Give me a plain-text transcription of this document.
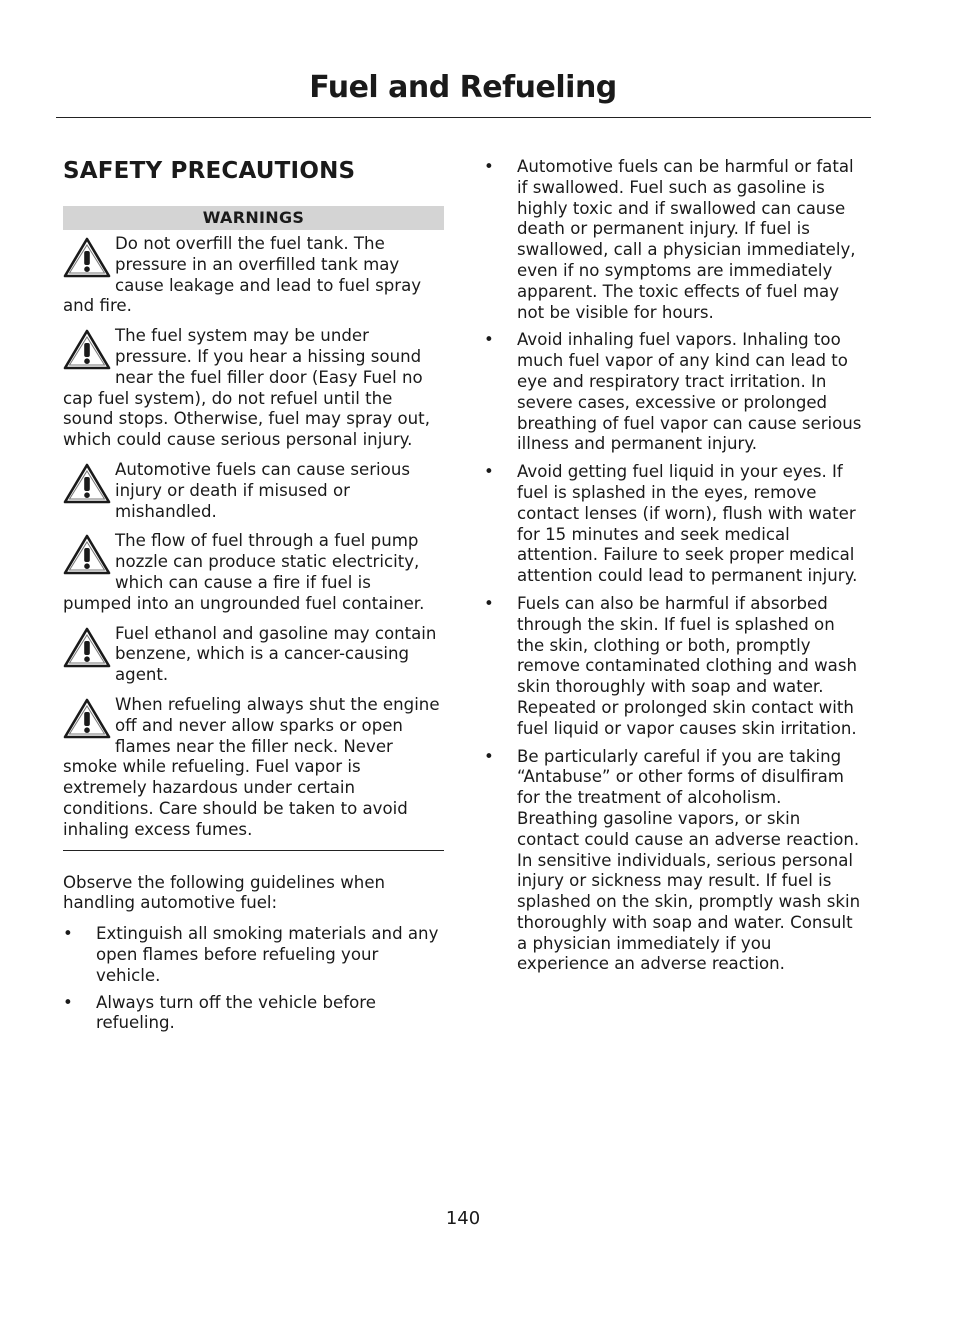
Fuel and Refueling
SAFETY PRECAUTIONS
WARNINGS
Do not overfill the fuel tank. The pressure in an overfilled tank may cause leakage and lead to fuel spray and fire.
The fuel system may be under pressure. If you hear a hissing sound near the fuel filler door (Easy Fuel no cap fuel system), do not refuel until the sound stops. Otherwise, fuel may spray out, which could cause serious personal injury.
Automotive fuels can cause serious injury or death if misused or mishandled.
The flow of fuel through a fuel pump nozzle can produce static electricity, which can cause a fire if fuel is pumped into an ungrounded fuel container.
Fuel ethanol and gasoline may contain benzene, which is a cancer-causing agent.
When refueling always shut the engine off and never allow sparks or open flames near the filler neck. Never smoke while refueling. Fuel vapor is extremely hazardous under certain conditions. Care should be taken to avoid inhaling excess fumes.
Observe the following guidelines when handling automotive fuel:
• Extinguish all smoking materials and any open flames before refueling your vehicle.
• Always turn off the vehicle before refueling.
• Automotive fuels can be harmful or fatal if swallowed. Fuel such as gasoline is highly toxic and if swallowed can cause death or permanent injury. If fuel is swallowed, call a physician immediately, even if no symptoms are immediately apparent. The toxic effects of fuel may not be visible for hours.
• Avoid inhaling fuel vapors. Inhaling too much fuel vapor of any kind can lead to eye and respiratory tract irritation. In severe cases, excessive or prolonged breathing of fuel vapor can cause serious illness and permanent injury.
• Avoid getting fuel liquid in your eyes. If fuel is splashed in the eyes, remove contact lenses (if worn), flush with water for 15 minutes and seek medical attention. Failure to seek proper medical attention could lead to permanent injury.
• Fuels can also be harmful if absorbed through the skin. If fuel is splashed on the skin, clothing or both, promptly remove contaminated clothing and wash skin thoroughly with soap and water. Repeated or prolonged skin contact with fuel liquid or vapor causes skin irritation.
• Be particularly careful if you are taking “Antabuse” or other forms of disulfiram for the treatment of alcoholism. Breathing gasoline vapors, or skin contact could cause an adverse reaction. In sensitive individuals, serious personal injury or sickness may result. If fuel is splashed on the skin, promptly wash skin thoroughly with soap and water. Consult a physician immediately if you experience an adverse reaction.
140
